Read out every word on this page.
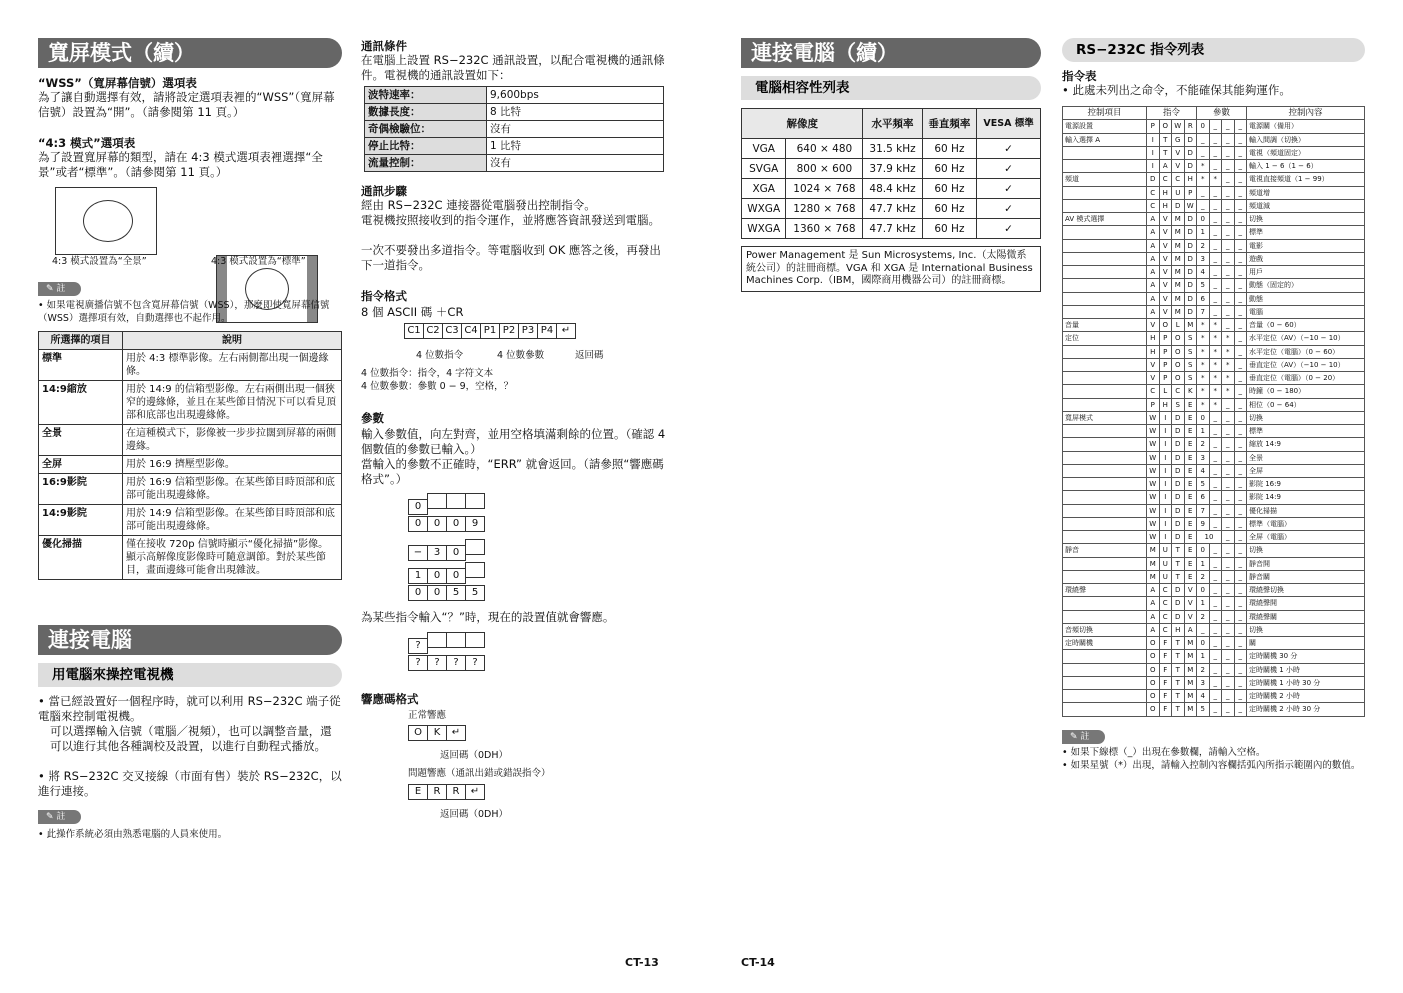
寬屏模式（續）
“WSS”（寬屏幕信號）選項表
為了讓自動選擇有效，請將設定選項表裡的“WSS”（寬屏幕信號）設置為“開”。（請參閱第 11 頁。）
“4:3 模式”選項表
為了設置寬屏幕的類型，請在 4:3 模式選項表裡選擇“全景”或者“標準”。（請參閱第 11 頁。）
4:3 模式設置為“全景”	4:3 模式設置為“標準”
✎ 註
• 如果電視廣播信號不包含寬屏幕信號（WSS），那麼即使寬屏幕信號（WSS）選擇項有效，自動選擇也不起作用。
所選擇的項目	說明
標準	用於 4:3 標準影像。左右兩側都出現一個邊緣條。
14:9縮放	用於 14:9 的信箱型影像。左右兩側出現一個狹窄的邊緣條，並且在某些節目情況下可以看見頂部和底部也出現邊緣條。
全景	在這種模式下，影像被一步步拉闊到屏幕的兩側邊緣。
全屏	用於 16:9 擠壓型影像。
16:9影院	用於 16:9 信箱型影像。在某些節目時頂部和底部可能出現邊緣條。
14:9影院	用於 14:9 信箱型影像。在某些節目時頂部和底部可能出現邊緣條。
優化掃描	僅在接收 720p 信號時顯示“優化掃描”影像。顯示高解像度影像時可隨意調節。對於某些節目，畫面邊緣可能會出現雜波。
連接電腦
用電腦來操控電視機
• 當已經設置好一個程序時，就可以利用 RS−232C 端子從電腦來控制電視機。
可以選擇輸入信號（電腦／視頻），也可以調整音量，還可以進行其他各種調校及設置，以進行自動程式播放。
• 將 RS−232C 交叉接線（市面有售）裝於 RS−232C，以進行連接。
✎ 註
• 此操作系統必須由熟悉電腦的人員來使用。
通訊條件
在電腦上設置 RS−232C 通訊設置，以配合電視機的通訊條件。電視機的通訊設置如下：
波特速率：	9,600bps
數據長度：	8 比特
奇偶檢驗位：	沒有
停止比特：	1 比特
流量控制：	沒有
通訊步驟
經由 RS−232C 連接器從電腦發出控制指令。
電視機按照接收到的指令運作，並將應答資訊發送到電腦。
一次不要發出多道指令。等電腦收到 OK 應答之後，再發出下一道指令。
指令格式
8 個 ASCII 碼 ＋CR
C1 C2 C3 C4 P1 P2 P3 P4 ↵
4 位數指令	4 位數參數	返回碼
4 位數指令：指令，4 字符文本
4 位數參數：參數 0 − 9，空格，？
參數
輸入參數值，向左對齊，並用空格填滿剩餘的位置。（確認 4 個數值的參數已輸入。）
當輸入的參數不正確時，“ERR” 就會返回。（請參照“響應碼格式”。）
0
0 0 0 9
− 3 0
1 0 0
0 0 5 5
為某些指令輸入“？”時，現在的設置值就會響應。
?
? ? ? ?
響應碼格式
正常響應
O K ↵
返回碼（0DH）
問題響應（通訊出錯或錯誤指令）
E R R ↵
返回碼（0DH）
CT-13
連接電腦（續）
電腦相容性列表
解像度		水平頻率	垂直頻率	VESA 標準
VGA	640 × 480	31.5 kHz	60 Hz	✓
SVGA	800 × 600	37.9 kHz	60 Hz	✓
XGA	1024 × 768	48.4 kHz	60 Hz	✓
WXGA	1280 × 768	47.7 kHz	60 Hz	✓
WXGA	1360 × 768	47.7 kHz	60 Hz	✓
Power Management 是 Sun Microsystems, Inc.（太陽微系統公司）的註冊商標。VGA 和 XGA 是 International Business Machines Corp.（IBM，國際商用機器公司）的註冊商標。
CT-14
RS−232C 指令列表
指令表
• 此處未列出之命令，不能確保其能夠運作。
控制項目	指令				參數				控制內容
電源設置	P	O	W	R	0	_	_	_	電源關（備用）
輸入選擇 A	I	T	G	D	_	_	_	_	輸入間調（切換）
	I	T	V	D	_	_	_	_	電視（頻道固定）
	I	A	V	D	*	_	_	_	輸入 1 − 6（1 − 6）
頻道	D	C	C	H	*	*	_	_	電視直接頻道（1 − 99）
	C	H	U	P	_	_	_	_	頻道增
	C	H	D	W	_	_	_	_	頻道減
AV 模式選擇	A	V	M	D	0	_	_	_	切換
	A	V	M	D	1	_	_	_	標準
	A	V	M	D	2	_	_	_	電影
	A	V	M	D	3	_	_	_	遊戲
	A	V	M	D	4	_	_	_	用戶
	A	V	M	D	5	_	_	_	動態（固定的）
	A	V	M	D	6	_	_	_	動態
	A	V	M	D	7	_	_	_	電腦
音量	V	O	L	M	*	*	_	_	音量（0 − 60）
定位	H	P	O	S	*	*	*	_	水平定位（AV）（−10 − 10）
	H	P	O	S	*	*	*	_	水平定位（電腦）（0 − 60）
	V	P	O	S	*	*	*	_	垂直定位（AV）（−10 − 10）
	V	P	O	S	*	*	*	_	垂直定位（電腦）（0 − 20）
	C	L	C	K	*	*	*	_	時鐘（0 − 180）
	P	H	S	E	*	*	_	_	相位（0 − 64）
寬屏模式	W	I	D	E	0	_	_	_	切換
	W	I	D	E	1	_	_	_	標準
	W	I	D	E	2	_	_	_	縮放 14:9
	W	I	D	E	3	_	_	_	全景
	W	I	D	E	4	_	_	_	全屏
	W	I	D	E	5	_	_	_	影院 16:9
	W	I	D	E	6	_	_	_	影院 14:9
	W	I	D	E	7	_	_	_	優化掃描
	W	I	D	E	9	_	_	_	標準（電腦）
	W	I	D	E	10		_	_	全屏（電腦）
靜音	M	U	T	E	0	_	_	_	切換
	M	U	T	E	1	_	_	_	靜音開
	M	U	T	E	2	_	_	_	靜音關
環繞聲	A	C	D	V	0	_	_	_	環繞聲切換
	A	C	D	V	1	_	_	_	環繞聲開
	A	C	D	V	2	_	_	_	環繞聲關
音頻切換	A	C	H	A	_	_	_	_	切換
定時關機	O	F	T	M	0	_	_	_	關
	O	F	T	M	1	_	_	_	定時關機 30 分
	O	F	T	M	2	_	_	_	定時關機 1 小時
	O	F	T	M	3	_	_	_	定時關機 1 小時 30 分
	O	F	T	M	4	_	_	_	定時關機 2 小時
	O	F	T	M	5	_	_	_	定時關機 2 小時 30 分
✎ 註
• 如果下線標（_）出現在參數欄，請輸入空格。
• 如果星號（*）出現，請輸入控制內容欄括弧內所指示範圍內的數值。
